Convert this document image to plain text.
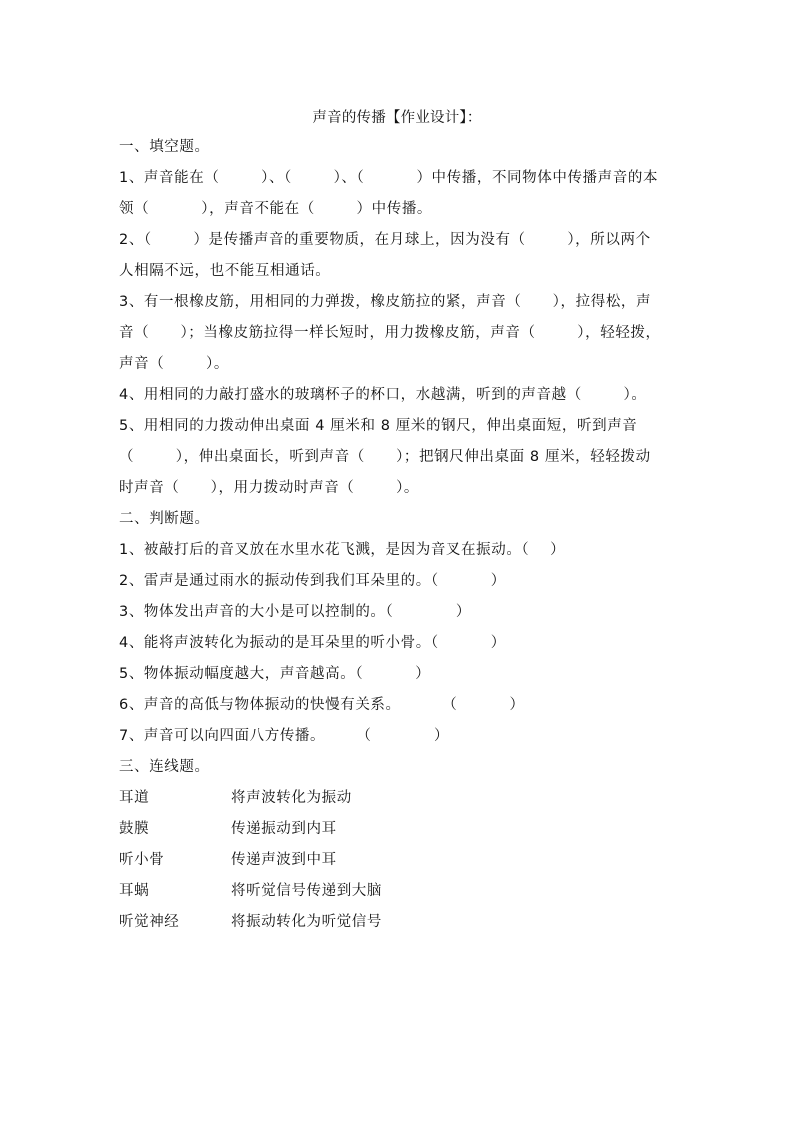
声音的传播【作业设计】：
一、填空题。
1、声音能在（        ）、（        ）、（          ）中传播，不同物体中传播声音的本
领（          ），声音不能在（        ）中传播。
2、（        ）是传播声音的重要物质，在月球上，因为没有（        ），所以两个
人相隔不远，也不能互相通话。
3、有一根橡皮筋，用相同的力弹拨，橡皮筋拉的紧，声音（      ），拉得松，声
音（      ）；当橡皮筋拉得一样长短时，用力拨橡皮筋，声音（        ），轻轻拨，
声音（        ）。
4、用相同的力敲打盛水的玻璃杯子的杯口，水越满，听到的声音越（        ）。
5、用相同的力拨动伸出桌面 4 厘米和 8 厘米的钢尺，伸出桌面短，听到声音
（        ），伸出桌面长，听到声音（      ）；把钢尺伸出桌面 8 厘米，轻轻拨动
时声音（      ），用力拨动时声音（        ）。
二、判断题。
1、被敲打后的音叉放在水里水花飞溅，是因为音叉在振动。（    ）
2、雷声是通过雨水的振动传到我们耳朵里的。（          ）
3、物体发出声音的大小是可以控制的。（            ）
4、能将声波转化为振动的是耳朵里的听小骨。（          ）
5、物体振动幅度越大，声音越高。（          ）
6、声音的高低与物体振动的快慢有关系。        （          ）
7、声音可以向四面八方传播。      （            ）
三、连线题。
耳道	将声波转化为振动
鼓膜	传递振动到内耳
听小骨	传递声波到中耳
耳蜗	将听觉信号传递到大脑
听觉神经	将振动转化为听觉信号
